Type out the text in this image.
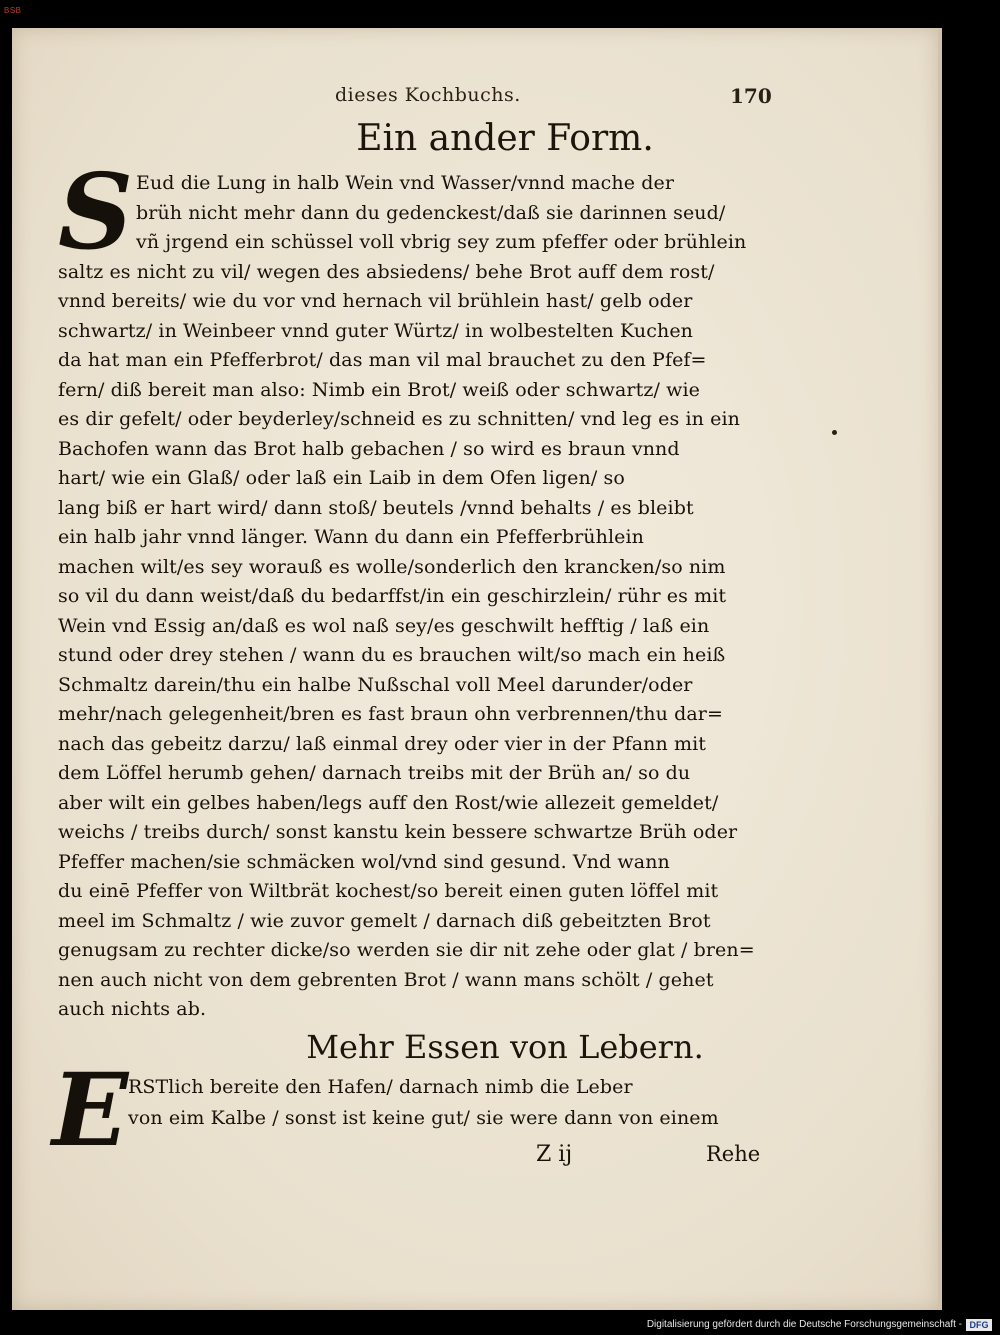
BSB
dieses Kochbuchs.	170
Ein ander Form.
S Eud die Lung in halb Wein vnd Wasser/vnnd mache der
brüh nicht mehr dann du gedenckest/daß sie darinnen seud/
vñ jrgend ein schüssel voll vbrig sey zum pfeffer oder brühlein
saltz es nicht zu vil/ wegen des absiedens/ behe Brot auff dem rost/
vnnd bereits/ wie du vor vnd hernach vil brühlein hast/ gelb oder
schwartz/ in Weinbeer vnnd guter Würtz/ in wolbestelten Kuchen
da hat man ein Pfefferbrot/ das man vil mal brauchet zu den Pfef=
fern/ diß bereit man also: Nimb ein Brot/ weiß oder schwartz/ wie
es dir gefelt/ oder beyderley/schneid es zu schnitten/ vnd leg es in ein
Bachofen wann das Brot halb gebachen / so wird es braun vnnd
hart/ wie ein Glaß/ oder laß ein Laib in dem Ofen ligen/ so
lang biß er hart wird/ dann stoß/ beutels /vnnd behalts / es bleibt
ein halb jahr vnnd länger. Wann du dann ein Pfefferbrühlein
machen wilt/es sey worauß es wolle/sonderlich den krancken/so nim
so vil du dann weist/daß du bedarffst/in ein geschirzlein/ rühr es mit
Wein vnd Essig an/daß es wol naß sey/es geschwilt hefftig / laß ein
stund oder drey stehen / wann du es brauchen wilt/so mach ein heiß
Schmaltz darein/thu ein halbe Nußschal voll Meel darunder/oder
mehr/nach gelegenheit/bren es fast braun ohn verbrennen/thu dar=
nach das gebeitz darzu/ laß einmal drey oder vier in der Pfann mit
dem Löffel herumb gehen/ darnach treibs mit der Brüh an/ so du
aber wilt ein gelbes haben/legs auff den Rost/wie allezeit gemeldet/
weichs / treibs durch/ sonst kanstu kein bessere schwartze Brüh oder
Pfeffer machen/sie schmäcken wol/vnd sind gesund. Vnd wann
du einē Pfeffer von Wiltbrät kochest/so bereit einen guten löffel mit
meel im Schmaltz / wie zuvor gemelt / darnach diß gebeitzten Brot
genugsam zu rechter dicke/so werden sie dir nit zehe oder glat / bren=
nen auch nicht von dem gebrenten Brot / wann mans schölt / gehet
auch nichts ab.
Mehr Essen von Lebern.
E RSTlich bereite den Hafen/ darnach nimb die Leber
von eim Kalbe / sonst ist keine gut/ sie were dann von einem
Z ij	Rehe
Digitalisierung gefördert durch die Deutsche Forschungsgemeinschaft - DFG
